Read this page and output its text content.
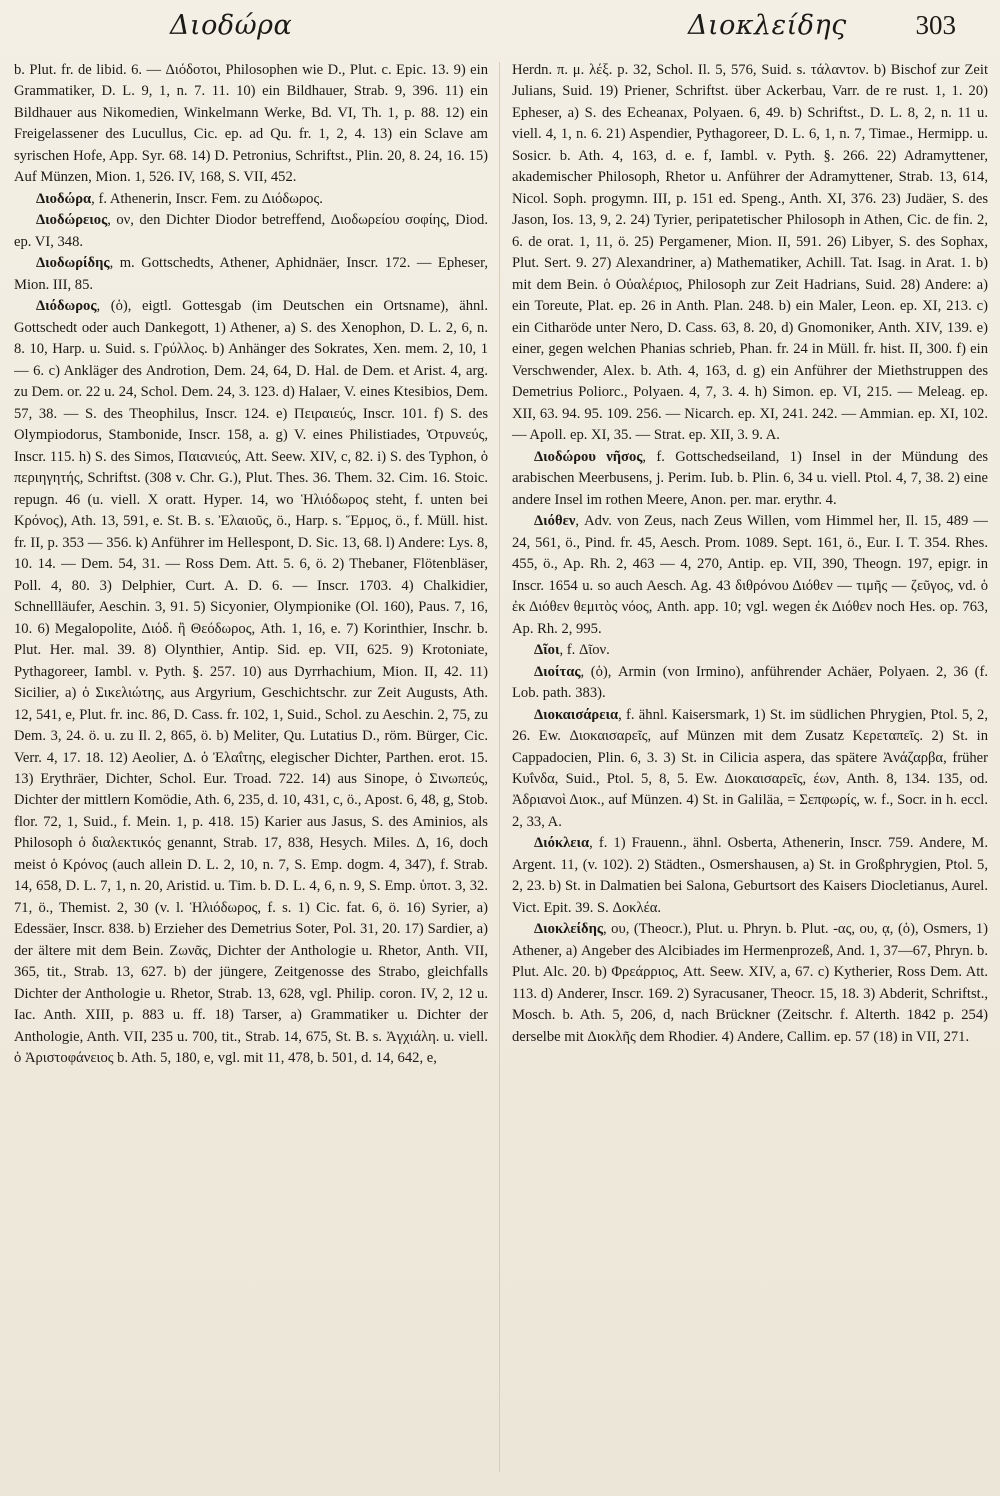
Διοδώρα	Διοκλείδης	303

b. Plut. fr. de libid. 6. — Διόδοτοι, Philosophen wie D., Plut. c. Epic. 13. 9) ein Grammatiker, D. L. 9, 1, n. 7. 11. 10) ein Bildhauer, Strab. 9, 396. 11) ein Bildhauer aus Nikomedien, Winkelmann Werke, Bd. VI, Th. 1, p. 88. 12) ein Freigelassener des Lucullus, Cic. ep. ad Qu. fr. 1, 2, 4. 13) ein Sclave am syrischen Hofe, App. Syr. 68. 14) D. Petronius, Schriftst., Plin. 20, 8. 24, 16. 15) Auf Münzen, Mion. 1, 526. IV, 168, S. VII, 452.

Διοδώρα, f. Athenerin, Inscr. Fem. zu Διόδωρος.

Διοδώρειος, ον, den Dichter Diodor betreffend, Διοδωρείου σοφίης, Diod. ep. VI, 348.

Διοδωρίδης, m. Gottschedts, Athener, Aphidnäer, Inscr. 172. — Epheser, Mion. III, 85.

Διόδωρος, (ὁ), eigtl. Gottesgab (im Deutschen ein Ortsname), ähnl. Gottschedt oder auch Dankegott, 1) Athener, a) S. des Xenophon, D. L. 2, 6, n. 8. 10, Harp. u. Suid. s. Γρύλλος. b) Anhänger des Sokrates, Xen. mem. 2, 10, 1 — 6. c) Ankläger des Androtion, Dem. 24, 64, D. Hal. de Dem. et Arist. 4, arg. zu Dem. or. 22 u. 24, Schol. Dem. 24, 3. 123. d) Halaer, V. eines Ktesibios, Dem. 57, 38. — S. des Theophilus, Inscr. 124. e) Πειραιεύς, Inscr. 101. f) S. des Olympiodorus, Stambonide, Inscr. 158, a. g) V. eines Philistiades, Ὀτρυνεύς, Inscr. 115. h) S. des Simos, Παιανιεύς, Att. Seew. XIV, c, 82. i) S. des Typhon, ὁ περιηγητής, Schriftst. (308 v. Chr. G.), Plut. Thes. 36. Them. 32. Cim. 16. Stoic. repugn. 46 (u. viell. X oratt. Hyper. 14, wo Ἡλιόδωρος steht, f. unten bei Κρόνος), Ath. 13, 591, e. St. B. s. Ἐλαιοῦς, ö., Harp. s. Ἕρμος, ö., f. Müll. hist. fr. II, p. 353 — 356. k) Anführer im Hellespont, D. Sic. 13, 68. l) Andere: Lys. 8, 10. 14. — Dem. 54, 31. — Ross Dem. Att. 5. 6, ö. 2) Thebaner, Flötenbläser, Poll. 4, 80. 3) Delphier, Curt. A. D. 6. — Inscr. 1703. 4) Chalkidier, Schnellläufer, Aeschin. 3, 91. 5) Sicyonier, Olympionike (Ol. 160), Paus. 7, 16, 10. 6) Megalopolite, Διόδ. ἢ Θεόδωρος, Ath. 1, 16, e. 7) Korinthier, Inschr. b. Plut. Her. mal. 39. 8) Olynthier, Antip. Sid. ep. VII, 625. 9) Krotoniate, Pythagoreer, Iambl. v. Pyth. §. 257. 10) aus Dyrrhachium, Mion. II, 42. 11) Sicilier, a) ὁ Σικελιώτης, aus Argyrium, Geschichtschr. zur Zeit Augusts, Ath. 12, 541, e, Plut. fr. inc. 86, D. Cass. fr. 102, 1, Suid., Schol. zu Aeschin. 2, 75, zu Dem. 3, 24. ö. u. zu Il. 2, 865, ö. b) Meliter, Qu. Lutatius D., röm. Bürger, Cic. Verr. 4, 17. 18. 12) Aeolier, Δ. ὁ Ἐλαΐτης, elegischer Dichter, Parthen. erot. 15. 13) Erythräer, Dichter, Schol. Eur. Troad. 722. 14) aus Sinope, ὁ Σινωπεύς, Dichter der mittlern Komödie, Ath. 6, 235, d. 10, 431, c, ö., Apost. 6, 48, g, Stob. flor. 72, 1, Suid., f. Mein. 1, p. 418. 15) Karier aus Jasus, S. des Aminios, als Philosoph ὁ διαλεκτικός genannt, Strab. 17, 838, Hesych. Miles. Δ, 16, doch meist ὁ Κρόνος (auch allein D. L. 2, 10, n. 7, S. Emp. dogm. 4, 347), f. Strab. 14, 658, D. L. 7, 1, n. 20, Aristid. u. Tim. b. D. L. 4, 6, n. 9, S. Emp. ὑποτ. 3, 32. 71, ö., Themist. 2, 30 (v. l. Ἡλιόδωρος, f. s. 1) Cic. fat. 6, ö. 16) Syrier, a) Edessäer, Inscr. 838. b) Erzieher des Demetrius Soter, Pol. 31, 20. 17) Sardier, a) der ältere mit dem Bein. Ζωνᾶς, Dichter der Anthologie u. Rhetor, Anth. VII, 365, tit., Strab. 13, 627. b) der jüngere, Zeitgenosse des Strabo, gleichfalls Dichter der Anthologie u. Rhetor, Strab. 13, 628, vgl. Philip. coron. IV, 2, 12 u. Iac. Anth. XIII, p. 883 u. ff. 18) Tarser, a) Grammatiker u. Dichter der Anthologie, Anth. VII, 235 u. 700, tit., Strab. 14, 675, St. B. s. Ἀγχιάλη. u. viell. ὁ Ἀριστοφάνειος b. Ath. 5, 180, e, vgl. mit 11, 478, b. 501, d. 14, 642, e,

Herdn. π. μ. λέξ. p. 32, Schol. Il. 5, 576, Suid. s. τάλαντον. b) Bischof zur Zeit Julians, Suid. 19) Priener, Schriftst. über Ackerbau, Varr. de re rust. 1, 1. 20) Epheser, a) S. des Echeanax, Polyaen. 6, 49. b) Schriftst., D. L. 8, 2, n. 11 u. viell. 4, 1, n. 6. 21) Aspendier, Pythagoreer, D. L. 6, 1, n. 7, Timae., Hermipp. u. Sosicr. b. Ath. 4, 163, d. e. f, Iambl. v. Pyth. §. 266. 22) Adramyttener, akademischer Philosoph, Rhetor u. Anführer der Adramyttener, Strab. 13, 614, Nicol. Soph. progymn. III, p. 151 ed. Speng., Anth. XI, 376. 23) Judäer, S. des Jason, Ios. 13, 9, 2. 24) Tyrier, peripatetischer Philosoph in Athen, Cic. de fin. 2, 6. de orat. 1, 11, ö. 25) Pergamener, Mion. II, 591. 26) Libyer, S. des Sophax, Plut. Sert. 9. 27) Alexandriner, a) Mathematiker, Achill. Tat. Isag. in Arat. 1. b) mit dem Bein. ὁ Οὐαλέριος, Philosoph zur Zeit Hadrians, Suid. 28) Andere: a) ein Toreute, Plat. ep. 26 in Anth. Plan. 248. b) ein Maler, Leon. ep. XI, 213. c) ein Citharöde unter Nero, D. Cass. 63, 8. 20, d) Gnomoniker, Anth. XIV, 139. e) einer, gegen welchen Phanias schrieb, Phan. fr. 24 in Müll. fr. hist. II, 300. f) ein Verschwender, Alex. b. Ath. 4, 163, d. g) ein Anführer der Miethstruppen des Demetrius Poliorc., Polyaen. 4, 7, 3. 4. h) Simon. ep. VI, 215. — Meleag. ep. XII, 63. 94. 95. 109. 256. — Nicarch. ep. XI, 241. 242. — Ammian. ep. XI, 102. — Apoll. ep. XI, 35. — Strat. ep. XII, 3. 9. A.

Διοδώρου νῆσος, f. Gottschedseiland, 1) Insel in der Mündung des arabischen Meerbusens, j. Perim. Iub. b. Plin. 6, 34 u. viell. Ptol. 4, 7, 38. 2) eine andere Insel im rothen Meere, Anon. per. mar. erythr. 4.

Διόθεν, Adv. von Zeus, nach Zeus Willen, vom Himmel her, Il. 15, 489 — 24, 561, ö., Pind. fr. 45, Aesch. Prom. 1089. Sept. 161, ö., Eur. I. T. 354. Rhes. 455, ö., Ap. Rh. 2, 463 — 4, 270, Antip. ep. VII, 390, Theogn. 197, epigr. in Inscr. 1654 u. so auch Aesch. Ag. 43 διθρόνου Διόθεν — τιμῆς — ζεῦγος, vd. ὁ ἐκ Διόθεν θεμιτὸς νόος, Anth. app. 10; vgl. wegen ἐκ Διόθεν noch Hes. op. 763, Ap. Rh. 2, 995.

Δῖοι, f. Δῖον.

Διοίτας, (ὁ), Armin (von Irmino), anführender Achäer, Polyaen. 2, 36 (f. Lob. path. 383).

Διοκαισάρεια, f. ähnl. Kaisersmark, 1) St. im südlichen Phrygien, Ptol. 5, 2, 26. Ew. Διοκαισαρεῖς, auf Münzen mit dem Zusatz Κερεταπεῖς. 2) St. in Cappadocien, Plin. 6, 3. 3) St. in Cilicia aspera, das spätere Ἀνάζαρβα, früher Κυΐνδα, Suid., Ptol. 5, 8, 5. Ew. Διοκαισαρεῖς, έων, Anth. 8, 134. 135, od. Ἀδριανοὶ Διοκ., auf Münzen. 4) St. in Galiläa, = Σεπφωρίς, w. f., Socr. in h. eccl. 2, 33, A.

Διόκλεια, f. 1) Frauenn., ähnl. Osberta, Athenerin, Inscr. 759. Andere, M. Argent. 11, (v. 102). 2) Städten., Osmershausen, a) St. in Großphrygien, Ptol. 5, 2, 23. b) St. in Dalmatien bei Salona, Geburtsort des Kaisers Diocletianus, Aurel. Vict. Epit. 39. S. Δοκλέα.

Διοκλείδης, ου, (Theocr.), Plut. u. Phryn. b. Plut. -ας, ου, ᾳ, (ὁ), Osmers, 1) Athener, a) Angeber des Alcibiades im Hermenprozeß, And. 1, 37—67, Phryn. b. Plut. Alc. 20. b) Φρεάρριος, Att. Seew. XIV, a, 67. c) Kytherier, Ross Dem. Att. 113. d) Anderer, Inscr. 169. 2) Syracusaner, Theocr. 15, 18. 3) Abderit, Schriftst., Mosch. b. Ath. 5, 206, d, nach Brückner (Zeitschr. f. Alterth. 1842 p. 254) derselbe mit Διοκλῆς dem Rhodier. 4) Andere, Callim. ep. 57 (18) in VII, 271.
